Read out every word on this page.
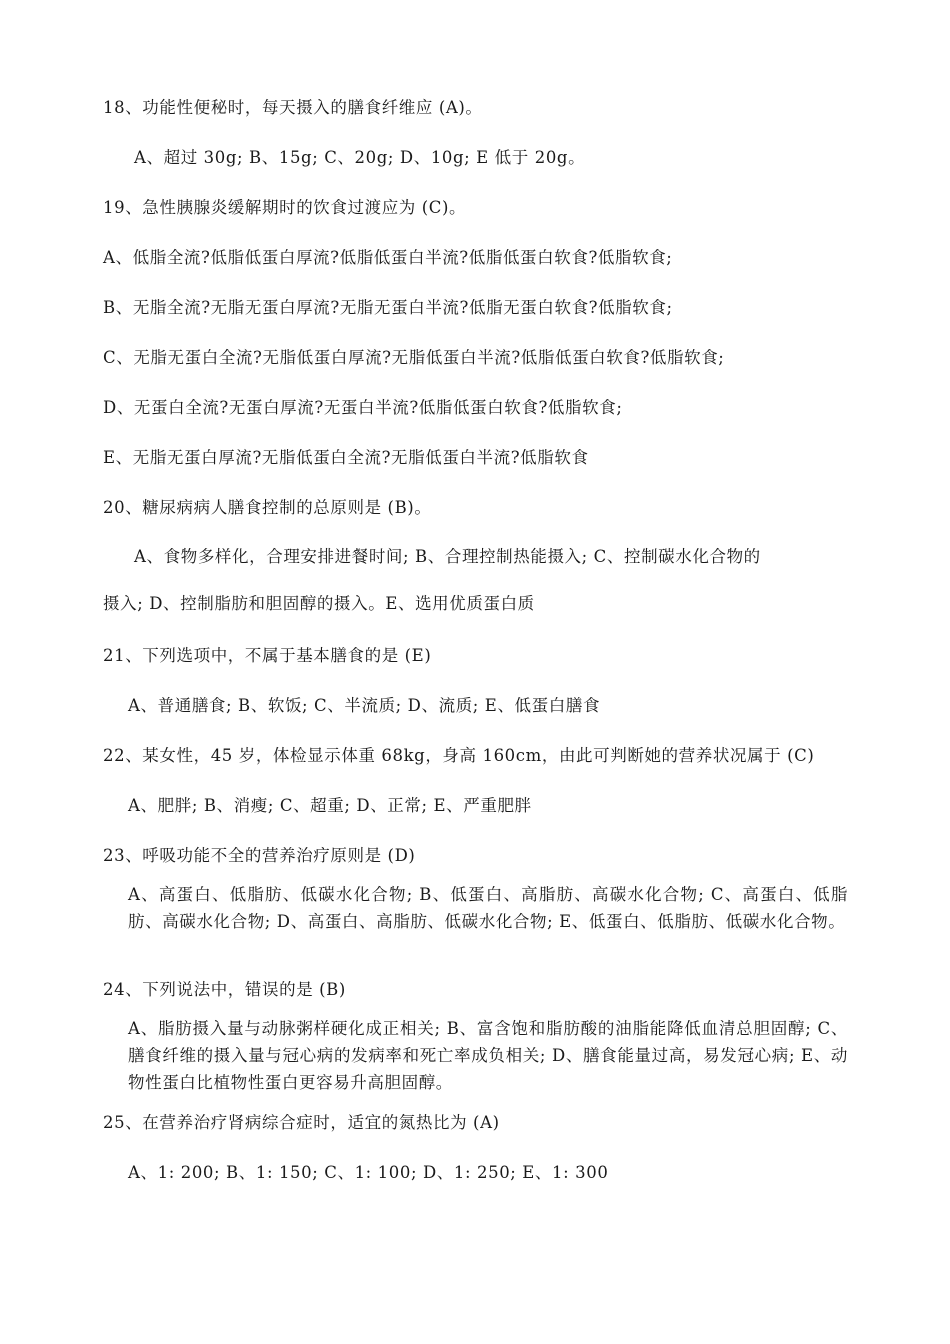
18、功能性便秘时，每天摄入的膳食纤维应 (A)。
A、超过 30g; B、15g; C、20g; D、10g; E 低于 20g。
19、急性胰腺炎缓解期时的饮食过渡应为 (C)。
A、低脂全流?低脂低蛋白厚流?低脂低蛋白半流?低脂低蛋白软食?低脂软食;
B、无脂全流?无脂无蛋白厚流?无脂无蛋白半流?低脂无蛋白软食?低脂软食;
C、无脂无蛋白全流?无脂低蛋白厚流?无脂低蛋白半流?低脂低蛋白软食?低脂软食;
D、无蛋白全流?无蛋白厚流?无蛋白半流?低脂低蛋白软食?低脂软食;
E、无脂无蛋白厚流?无脂低蛋白全流?无脂低蛋白半流?低脂软食
20、糖尿病病人膳食控制的总原则是 (B)。
A、食物多样化，合理安排进餐时间; B、合理控制热能摄入; C、控制碳水化合物的
摄入; D、控制脂肪和胆固醇的摄入。E、选用优质蛋白质
21、下列选项中，不属于基本膳食的是 (E)
A、普通膳食; B、软饭; C、半流质; D、流质; E、低蛋白膳食
22、某女性，45 岁，体检显示体重 68kg，身高 160cm，由此可判断她的营养状况属于 (C)
A、肥胖; B、消瘦; C、超重; D、正常; E、严重肥胖
23、呼吸功能不全的营养治疗原则是 (D)
A、高蛋白、低脂肪、低碳水化合物; B、低蛋白、高脂肪、高碳水化合物; C、高蛋白、低脂肪、高碳水化合物; D、高蛋白、高脂肪、低碳水化合物; E、低蛋白、低脂肪、低碳水化合物。
24、下列说法中，错误的是 (B)
A、脂肪摄入量与动脉粥样硬化成正相关; B、富含饱和脂肪酸的油脂能降低血清总胆固醇; C、膳食纤维的摄入量与冠心病的发病率和死亡率成负相关; D、膳食能量过高，易发冠心病; E、动物性蛋白比植物性蛋白更容易升高胆固醇。
25、在营养治疗肾病综合症时，适宜的氮热比为 (A)
A、1: 200; B、1: 150; C、1: 100; D、1: 250; E、1: 300
